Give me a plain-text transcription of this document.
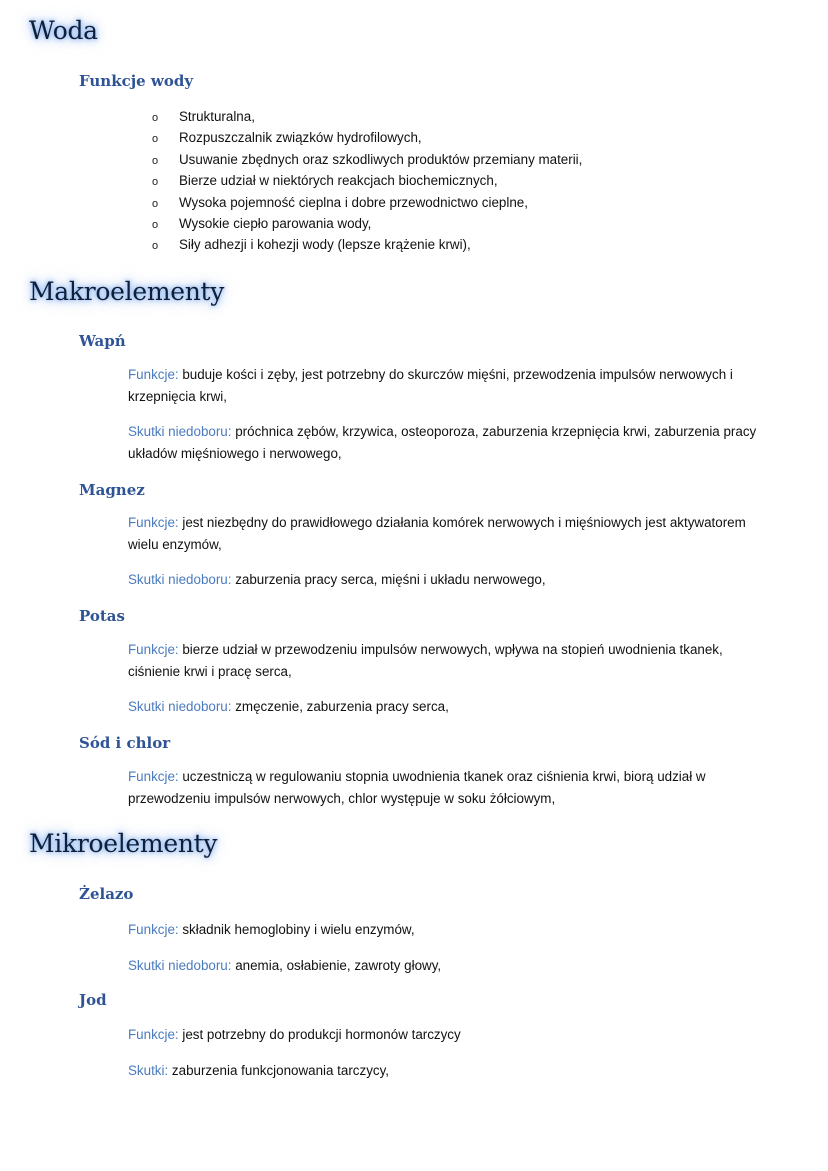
Woda
Funkcje wody
o Strukturalna,
o Rozpuszczalnik związków hydrofilowych,
o Usuwanie zbędnych oraz szkodliwych produktów przemiany materii,
o Bierze udział w niektórych reakcjach biochemicznych,
o Wysoka pojemność cieplna i dobre przewodnictwo cieplne,
o Wysokie ciepło parowania wody,
o Siły adhezji i kohezji wody (lepsze krążenie krwi),
Makroelementy
Wapń

Funkcje: buduje kości i zęby, jest potrzebny do skurczów mięśni, przewodzenia impulsów nerwowych i krzepnięcia krwi,

Skutki niedoboru: próchnica zębów, krzywica, osteoporoza, zaburzenia krzepnięcia krwi, zaburzenia pracy układów mięśniowego i nerwowego,

Magnez

Funkcje: jest niezbędny do prawidłowego działania komórek nerwowych i mięśniowych jest aktywatorem wielu enzymów,

Skutki niedoboru: zaburzenia pracy serca, mięśni i układu nerwowego,

Potas

Funkcje: bierze udział w przewodzeniu impulsów nerwowych, wpływa na stopień uwodnienia tkanek, ciśnienie krwi i pracę serca,

Skutki niedoboru: zmęczenie, zaburzenia pracy serca,

Sód i chlor

Funkcje: uczestniczą w regulowaniu stopnia uwodnienia tkanek oraz ciśnienia krwi, biorą udział w przewodzeniu impulsów nerwowych, chlor występuje w soku żółciowym,

Mikroelementy
Żelazo

Funkcje: składnik hemoglobiny i wielu enzymów,

Skutki niedoboru: anemia, osłabienie, zawroty głowy,

Jod

Funkcje: jest potrzebny do produkcji hormonów tarczycy

Skutki: zaburzenia funkcjonowania tarczycy,
